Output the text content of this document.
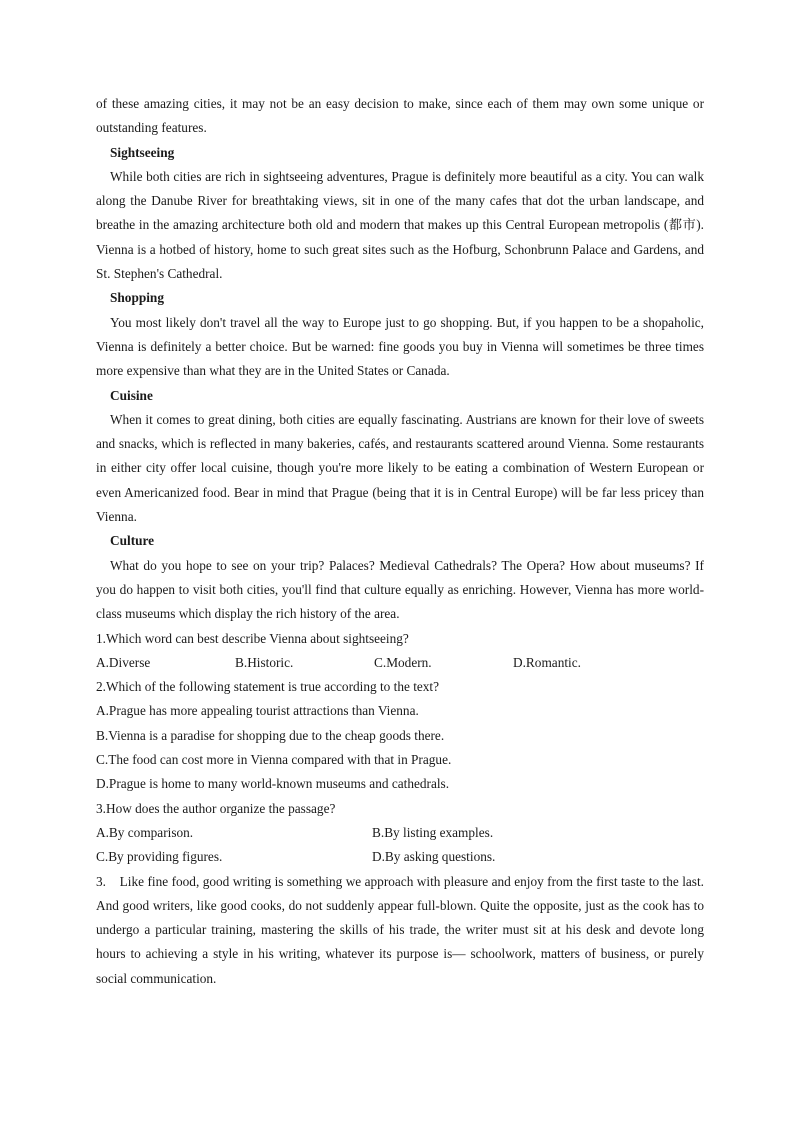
of these amazing cities, it may not be an easy decision to make, since each of them may own some unique or outstanding features.

Sightseeing

While both cities are rich in sightseeing adventures, Prague is definitely more beautiful as a city. You can walk along the Danube River for breathtaking views, sit in one of the many cafes that dot the urban landscape, and breathe in the amazing architecture both old and modern that makes up this Central European metropolis (都市). Vienna is a hotbed of history, home to such great sites such as the Hofburg, Schonbrunn Palace and Gardens, and St. Stephen's Cathedral.

Shopping

You most likely don't travel all the way to Europe just to go shopping. But, if you happen to be a shopaholic, Vienna is definitely a better choice. But be warned: fine goods you buy in Vienna will sometimes be three times more expensive than what they are in the United States or Canada.

Cuisine

When it comes to great dining, both cities are equally fascinating. Austrians are known for their love of sweets and snacks, which is reflected in many bakeries, cafés, and restaurants scattered around Vienna. Some restaurants in either city offer local cuisine, though you're more likely to be eating a combination of Western European or even Americanized food. Bear in mind that Prague (being that it is in Central Europe) will be far less pricey than Vienna.

Culture

What do you hope to see on your trip? Palaces? Medieval Cathedrals? The Opera? How about museums? If you do happen to visit both cities, you'll find that culture equally as enriching. However, Vienna has more world-class museums which display the rich history of the area.

1.Which word can best describe Vienna about sightseeing?

A.Diverse	B.Historic.	C.Modern.	D.Romantic.

2.Which of the following statement is true according to the text?

A.Prague has more appealing tourist attractions than Vienna.

B.Vienna is a paradise for shopping due to the cheap goods there.

C.The food can cost more in Vienna compared with that in Prague.

D.Prague is home to many world-known museums and cathedrals.

3.How does the author organize the passage?

A.By comparison.	B.By listing examples.
C.By providing figures.	D.By asking questions.

3.    Like fine food, good writing is something we approach with pleasure and enjoy from the first taste to the last. And good writers, like good cooks, do not suddenly appear full-blown. Quite the opposite, just as the cook has to undergo a particular training, mastering the skills of his trade, the writer must sit at his desk and devote long hours to achieving a style in his writing, whatever its purpose is— schoolwork, matters of business, or purely social communication.
